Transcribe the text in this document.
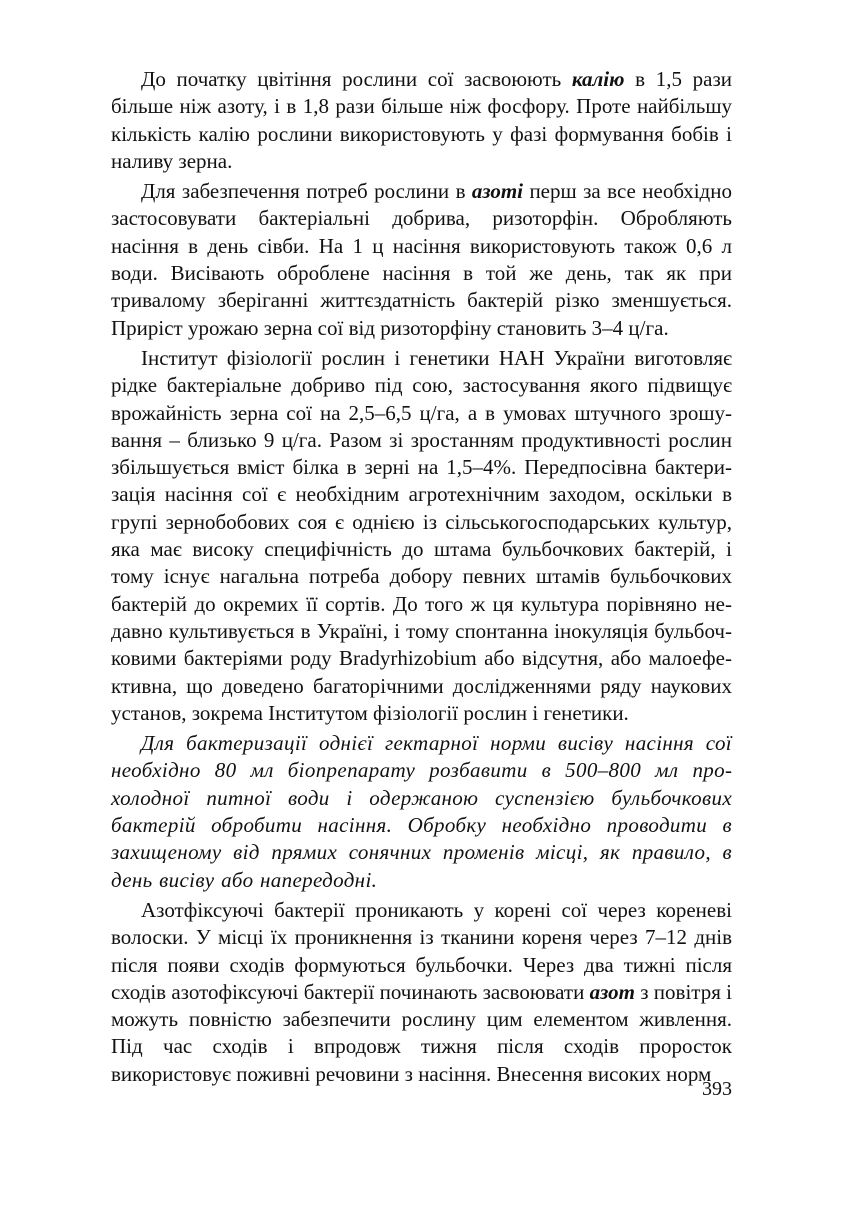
До початку цвітіння рослини сої засвоюють калію в 1,5 рази більше ніж азоту, і в 1,8 рази більше ніж фосфору. Проте найбільшу кількість калію рослини використовують у фазі формування бобів і наливу зерна.

Для забезпечення потреб рослини в азоті перш за все необхідно застосовувати бактеріальні добрива, ризоторфін. Обробляють насіння в день сівби. На 1 ц насіння використовують також 0,6 л води. Висівають оброблене насіння в той же день, так як при тривалому зберіганні життєздатність бактерій різко зменшується. Приріст урожаю зерна сої від ризоторфіну становить 3–4 ц/га.

Інститут фізіології рослин і генетики НАН України виготовляє рідке бактеріальне добриво під сою, застосування якого підвищує врожайність зерна сої на 2,5–6,5 ц/га, а в умовах штучного зрошування – близько 9 ц/га. Разом зі зростанням продуктивності рослин збільшується вміст білка в зерні на 1,5–4%. Передпосівна бактеризація насіння сої є необхідним агротехнічним заходом, оскільки в групі зернобобових соя є однією із сільськогосподарських культур, яка має високу специфічність до штама бульбочкових бактерій, і тому існує нагальна потреба добору певних штамів бульбочкових бактерій до окремих її сортів. До того ж ця культура порівняно недавно культивується в Україні, і тому спонтанна інокуляція бульбочковими бактеріями роду Bradyrhizobium або відсутня, або малоефективна, що доведено багаторічними дослідженнями ряду наукових установ, зокрема Інститутом фізіології рослин і генетики.

Для бактеризації однієї гектарної норми висіву насіння сої необхідно 80 мл біопрепарату розбавити в 500–800 мл прохолодної питної води і одержаною суспензією бульбочкових бактерій обробити насіння. Обробку необхідно проводити в захищеному від прямих сонячних променів місці, як правило, в день висіву або напередодні.

Азотфіксуючі бактерії проникають у корені сої через кореневі волоски. У місці їх проникнення із тканини кореня через 7–12 днів після появи сходів формуються бульбочки. Через два тижні після сходів азотофіксуючі бактерії починають засвоювати азот з повітря і можуть повністю забезпечити рослину цим елементом живлення. Під час сходів і впродовж тижня після сходів проросток використовує поживні речовини з насіння. Внесення високих норм

393
